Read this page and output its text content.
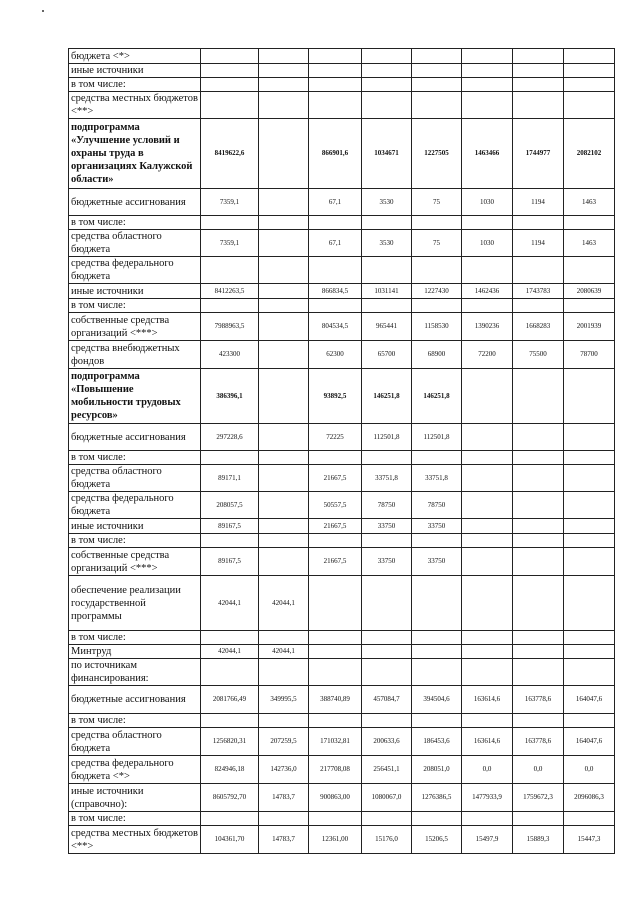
бюджета <*>								
иные источники								
в том числе:								
средства местных бюджетов <**>								
подпрограмма «Улучшение условий и охраны труда в организациях Калужской области»	8419622,6		866901,6	1034671	1227505	1463466	1744977	2082102
бюджетные ассигнования	7359,1		67,1	3530	75	1030	1194	1463
в том числе:								
средства областного бюджета	7359,1		67,1	3530	75	1030	1194	1463
средства федерального бюджета								
иные источники	8412263,5		866834,5	1031141	1227430	1462436	1743783	2080639
в том числе:								
собственные средства организаций <***>	7988963,5		804534,5	965441	1158530	1390236	1668283	2001939
средства внебюджетных фондов	423300		62300	65700	68900	72200	75500	78700
подпрограмма «Повышение мобильности трудовых ресурсов»	386396,1		93892,5	146251,8	146251,8			
бюджетные ассигнования	297228,6		72225	112501,8	112501,8			
в том числе:								
средства областного бюджета	89171,1		21667,5	33751,8	33751,8			
средства федерального бюджета	208057,5		50557,5	78750	78750			
иные источники	89167,5		21667,5	33750	33750			
в том числе:								
собственные средства организаций <***>	89167,5		21667,5	33750	33750			
обеспечение реализации государственной программы	42044,1	42044,1						
в том числе:								
Минтруд	42044,1	42044,1						
по источникам финансирования:								
бюджетные ассигнования	2081766,49	349995,5	388740,89	457084,7	394504,6	163614,6	163778,6	164047,6
в том числе:								
средства областного бюджета	1256820,31	207259,5	171032,81	200633,6	186453,6	163614,6	163778,6	164047,6
средства федерального бюджета <*>	824946,18	142736,0	217708,08	256451,1	208051,0	0,0	0,0	0,0
иные источники (справочно):	8605792,70	14783,7	900863,00	1080067,0	1276386,5	1477933,9	1759672,3	2096086,3
в том числе:								
средства местных бюджетов <**>	104361,70	14783,7	12361,00	15176,0	15206,5	15497,9	15889,3	15447,3
